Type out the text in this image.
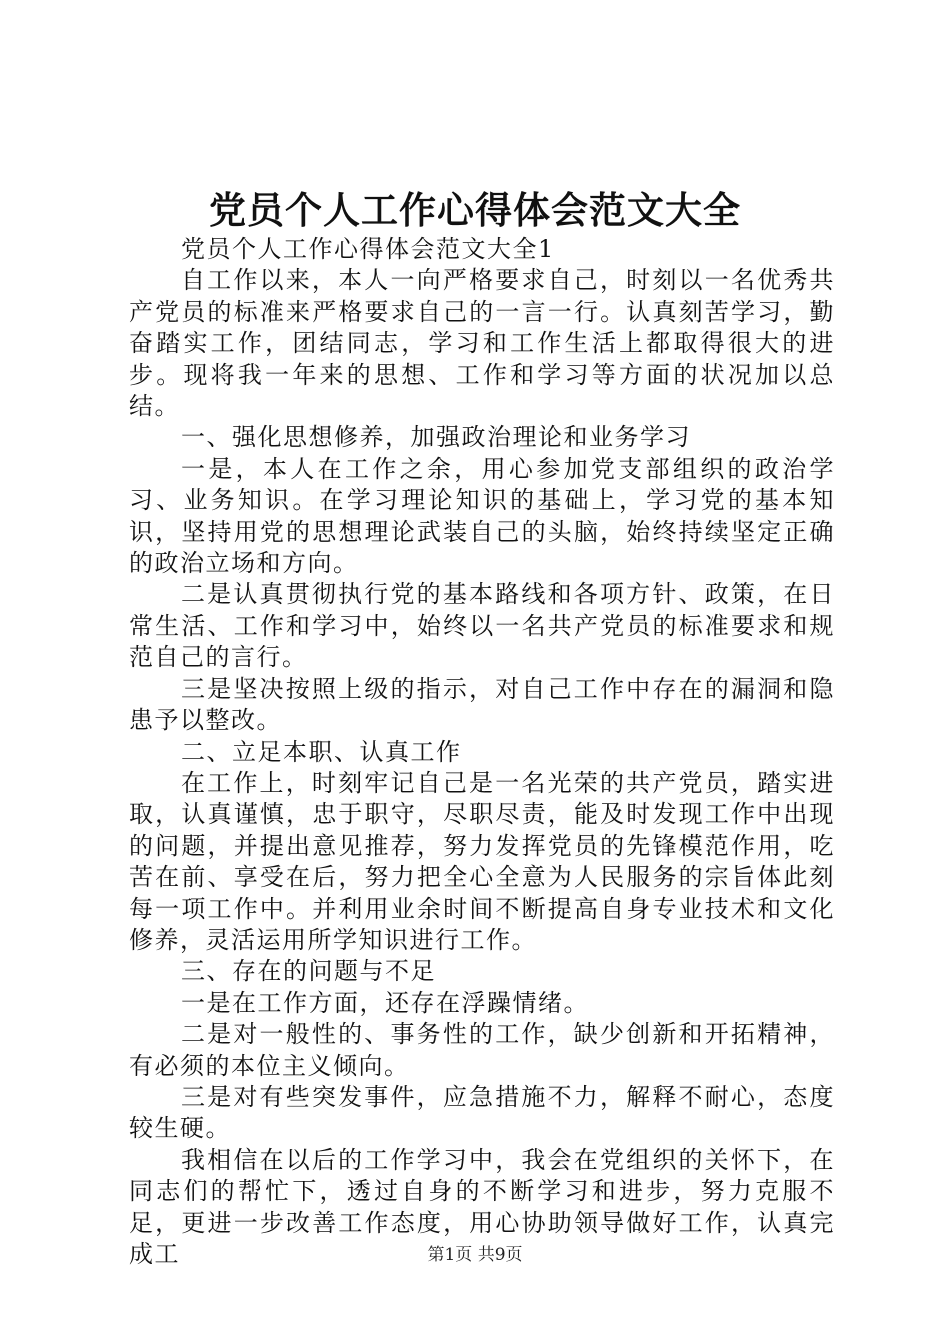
党员个人工作心得体会范文大全

党员个人工作心得体会范文大全1

自工作以来，本人一向严格要求自己，时刻以一名优秀共产党员的标准来严格要求自己的一言一行。认真刻苦学习，勤奋踏实工作，团结同志，学习和工作生活上都取得很大的进步。现将我一年来的思想、工作和学习等方面的状况加以总结。

一、强化思想修养，加强政治理论和业务学习

一是，本人在工作之余，用心参加党支部组织的政治学习、业务知识。在学习理论知识的基础上，学习党的基本知识，坚持用党的思想理论武装自己的头脑，始终持续坚定正确的政治立场和方向。

二是认真贯彻执行党的基本路线和各项方针、政策，在日常生活、工作和学习中，始终以一名共产党员的标准要求和规范自己的言行。

三是坚决按照上级的指示，对自己工作中存在的漏洞和隐患予以整改。

二、立足本职、认真工作

在工作上，时刻牢记自己是一名光荣的共产党员，踏实进取，认真谨慎，忠于职守，尽职尽责，能及时发现工作中出现的问题，并提出意见推荐，努力发挥党员的先锋模范作用，吃苦在前、享受在后，努力把全心全意为人民服务的宗旨体此刻每一项工作中。并利用业余时间不断提高自身专业技术和文化修养，灵活运用所学知识进行工作。

三、存在的问题与不足

一是在工作方面，还存在浮躁情绪。

二是对一般性的、事务性的工作，缺少创新和开拓精神，有必须的本位主义倾向。

三是对有些突发事件，应急措施不力，解释不耐心，态度较生硬。

我相信在以后的工作学习中，我会在党组织的关怀下，在同志们的帮忙下，透过自身的不断学习和进步，努力克服不足，更进一步改善工作态度，用心协助领导做好工作，认真完成工	第1页 共9页
